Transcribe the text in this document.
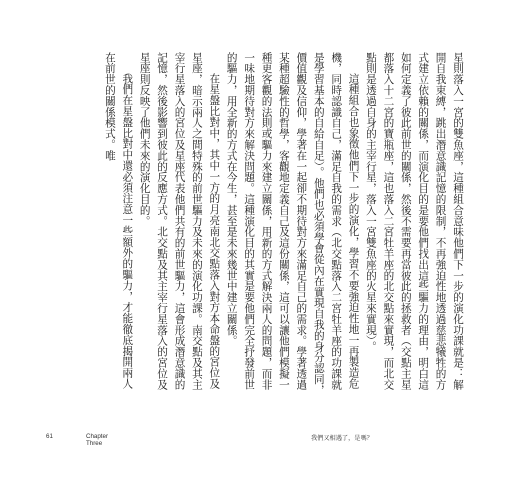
星則落入一宮的雙魚座，這種組合意味他們下一步的演化功課就是：解開自我束縛，跳出潛意識記憶的限制，不再強迫性地透過慈悲犧牲的方式建立依賴的關係，而演化目的是要他們找出這些驅力的理由，明白這如何定義了彼此前世的關係，然後不需要再當彼此的拯救者（交點主星都落入十二宮的寶瓶座，這也落入二宮牡羊座的北交點來實現，而北交點則是透過自身的主宰行星，落入一宮雙魚座的火星來實現）。

這種組合也象徵他們下一步的演化，學習不要強迫性地一再製造危機，同時認識自己，滿足自我的需求（北交點落入二宮牡羊座的功課就是學習基本的自給自足）。他們也必須學會從內在實現自我的身分認同，價值觀及信仰，學著在一起卻不期待對方來滿足自己的需求。學著透過某種超驗性的哲學，客觀地定義自己及這份關係，這可以讓他們模擬一種更客觀的法則或驅力來建立關係，用新的方式解決兩人的問題，而非一味地期待對方來解決問題。這種演化目的其實是要他們完全抒發前世的驅力，用全新的方式在今生，甚至是未來幾世中建立關係。

在星盤比對中，其中一方的月亮南北交點落入對方本命盤的宮位及星座，暗示兩人之間特殊的前世驅力及未來的演化功課。南交點及其主宰行星落入的宮位及星座代表他們共有的前世驅力，這會形成潛意識的記憶，然後影響到彼此的反應方式。北交點及其主宰行星落入的宮位及星座則反映了他們未來的演化目的。

我們在星盤比對中還必須注意一些額外的驅力，才能徹底揭開兩人在前世的關係模式。唯

61	Chapter
Three
我們又相遇了，是嗎？
